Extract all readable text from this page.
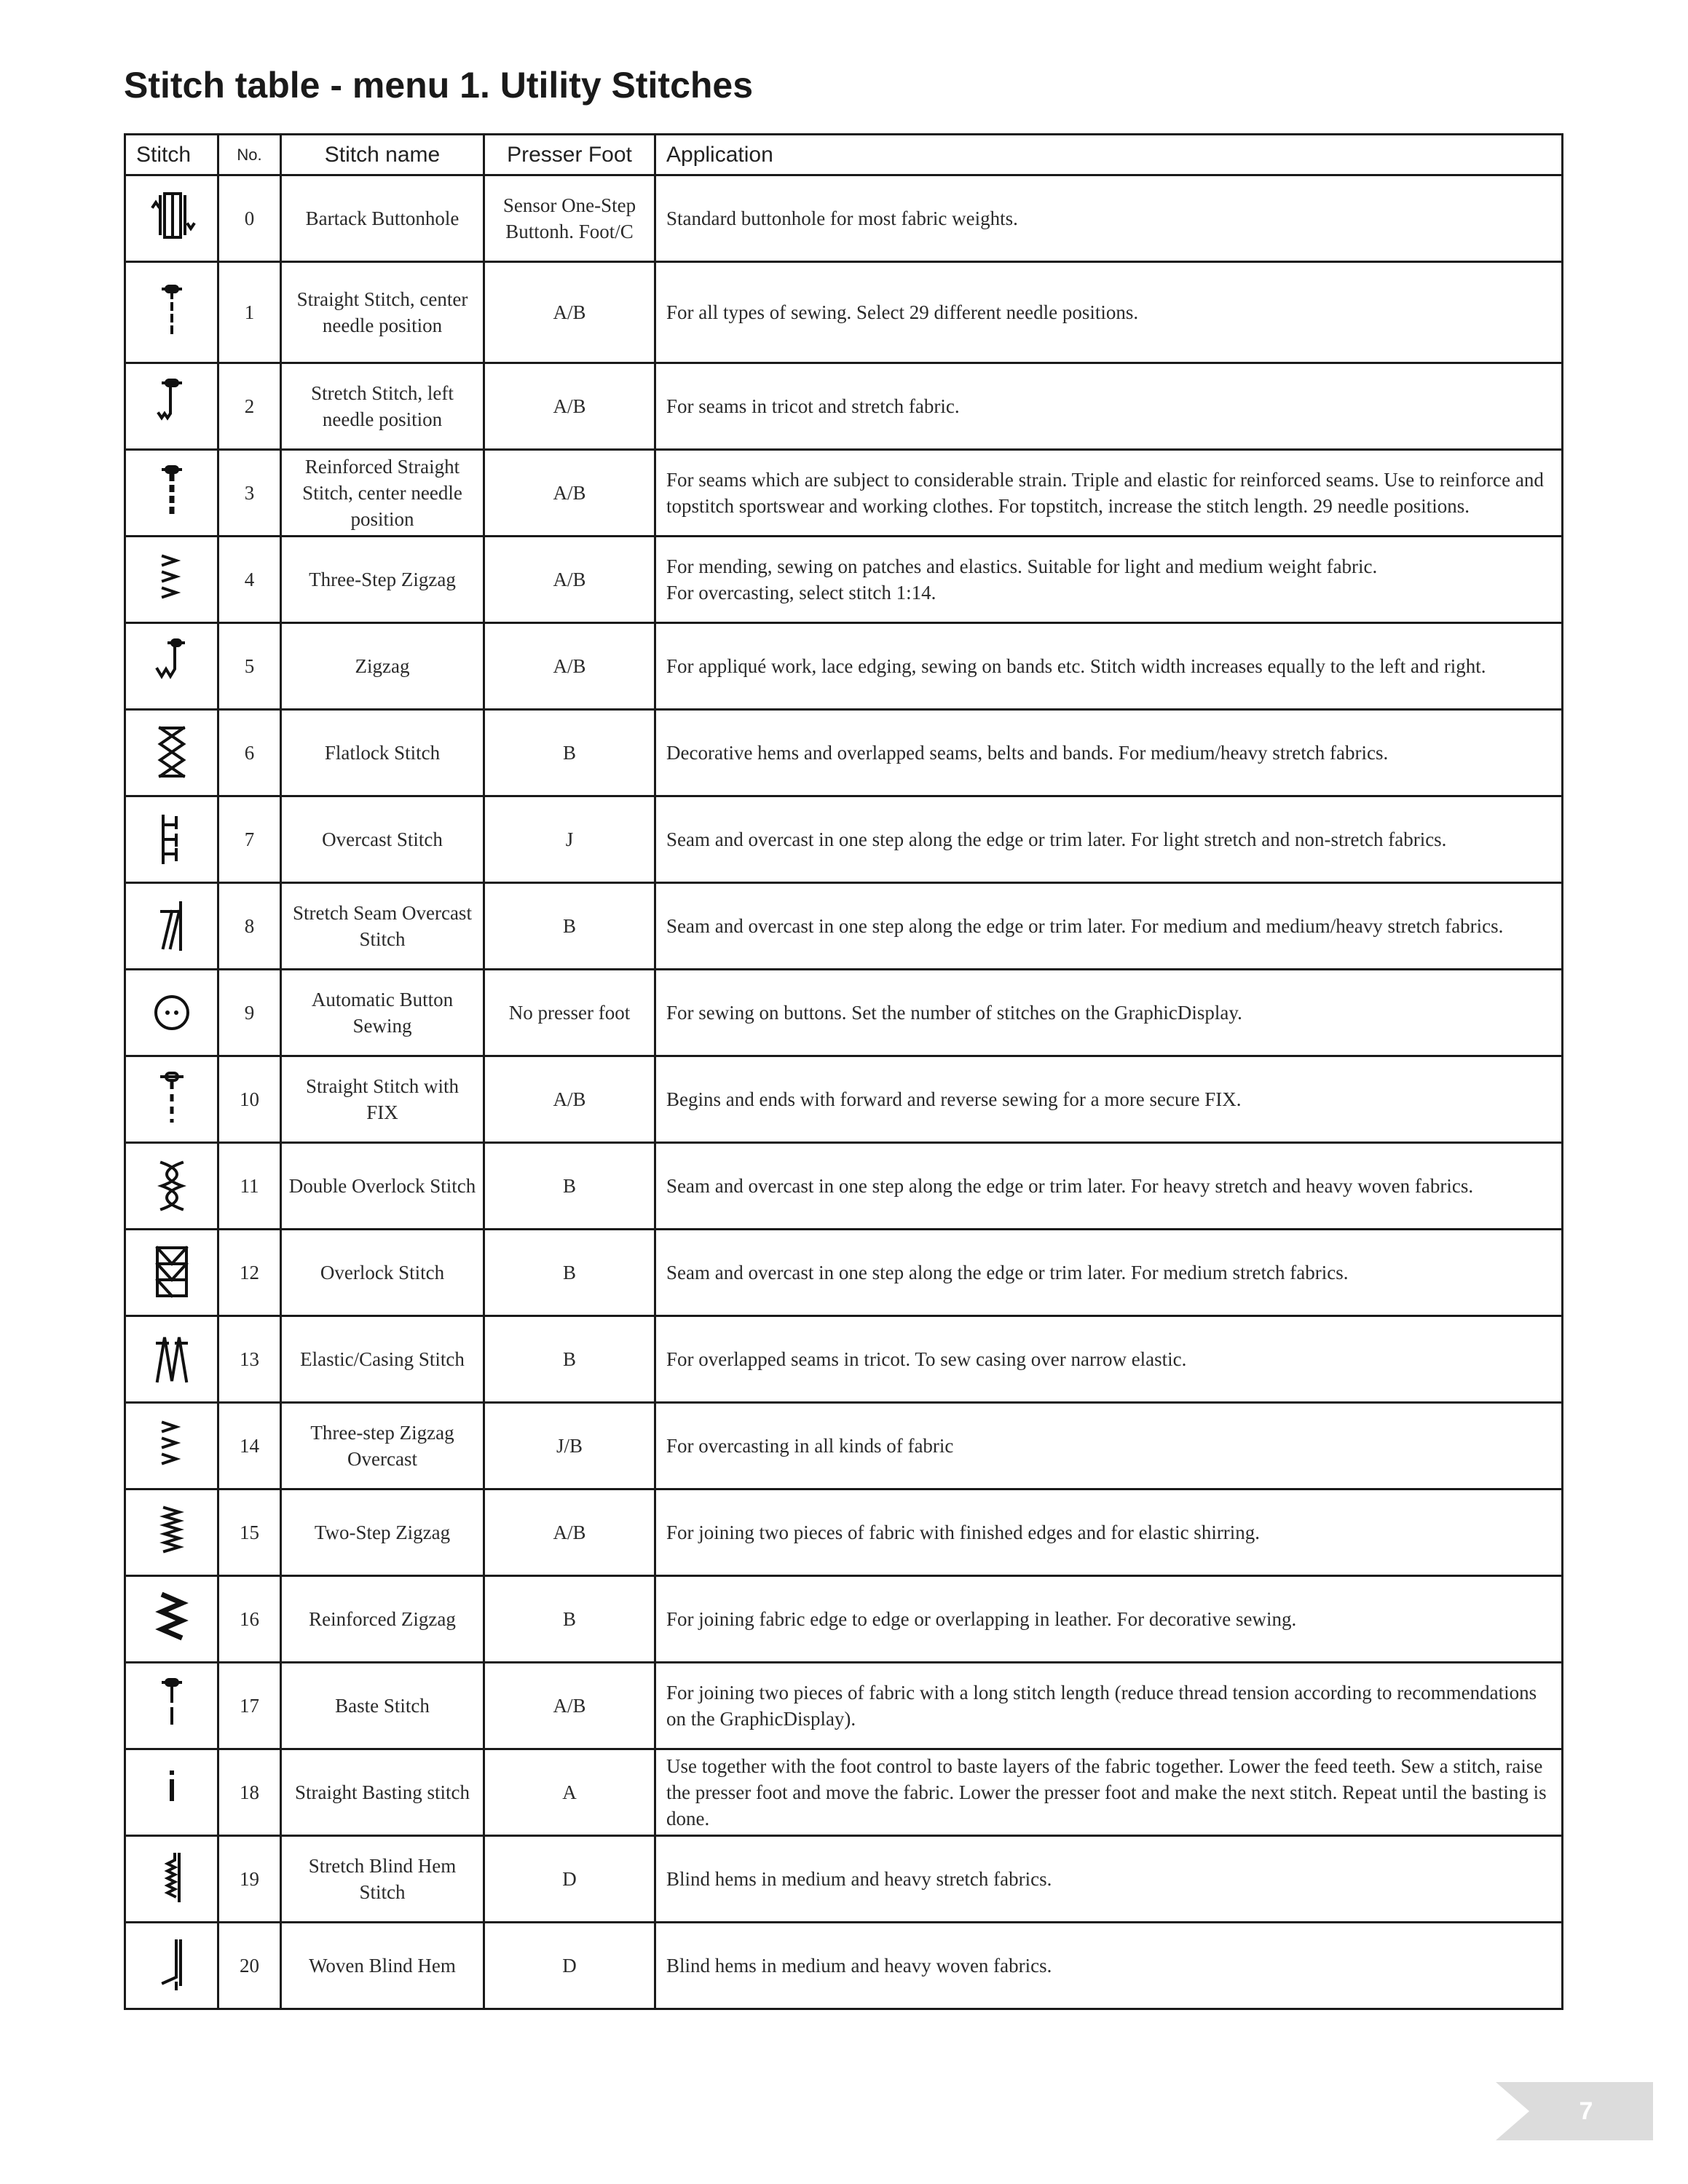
Stitch table - menu 1. Utility Stitches
Stitch	No.	Stitch name	Presser Foot	Application

	0	Bartack Buttonhole	Sensor One-Step Buttonh. Foot/C	Standard buttonhole for most fabric weights.

	1	Straight Stitch, center needle position	A/B	For all types of sewing. Select 29 different needle positions.

	2	Stretch Stitch, left needle position	A/B	For seams in tricot and stretch fabric.

	3	Reinforced Straight Stitch, center needle position	A/B	For seams which are subject to considerable strain. Triple and elastic for reinforced seams. Use to reinforce and topstitch sportswear and working clothes. For topstitch, increase the stitch length. 29 needle positions.

	4	Three-Step Zigzag	A/B	For mending, sewing on patches and elastics. Suitable for light and medium weight fabric.
For overcasting, select stitch 1:14.

	5	Zigzag	A/B	For appliqué work, lace edging, sewing on bands etc. Stitch width increases equally to the left and right.

	6	Flatlock Stitch	B	Decorative hems and overlapped seams, belts and bands. For medium/heavy stretch fabrics.

	7	Overcast Stitch	J	Seam and overcast in one step along the edge or trim later. For light stretch and non-stretch fabrics.

	8	Stretch Seam Overcast Stitch	B	Seam and overcast in one step along the edge or trim later. For medium and medium/heavy stretch fabrics.

	9	Automatic Button Sewing	No presser foot	For sewing on buttons. Set the number of stitches on the GraphicDisplay.

	10	Straight Stitch with FIX	A/B	Begins and ends with forward and reverse sewing for a more secure FIX.

	11	Double Overlock Stitch	B	Seam and overcast in one step along the edge or trim later. For heavy stretch and heavy woven fabrics.

	12	Overlock Stitch	B	Seam and overcast in one step along the edge or trim later. For medium stretch fabrics.

	13	Elastic/Casing Stitch	B	For overlapped seams in tricot. To sew casing over narrow elastic.

	14	Three-step Zigzag Overcast	J/B	For overcasting in all kinds of fabric

	15	Two-Step Zigzag	A/B	For joining two pieces of fabric with finished edges and for elastic shirring.

	16	Reinforced Zigzag	B	For joining fabric edge to edge or overlapping in leather. For decorative sewing.

	17	Baste Stitch	A/B	For joining two pieces of fabric with a long stitch length (reduce thread tension according to recommendations on the GraphicDisplay).

	18	Straight Basting stitch	A	Use together with the foot control to baste layers of the fabric together. Lower the feed teeth. Sew a stitch, raise the presser foot and move the fabric. Lower the presser foot and make the next stitch. Repeat until the basting is done.

	19	Stretch Blind Hem Stitch	D	Blind hems in medium and heavy stretch fabrics.

	20	Woven Blind Hem	D	Blind hems in medium and heavy woven fabrics.
7
